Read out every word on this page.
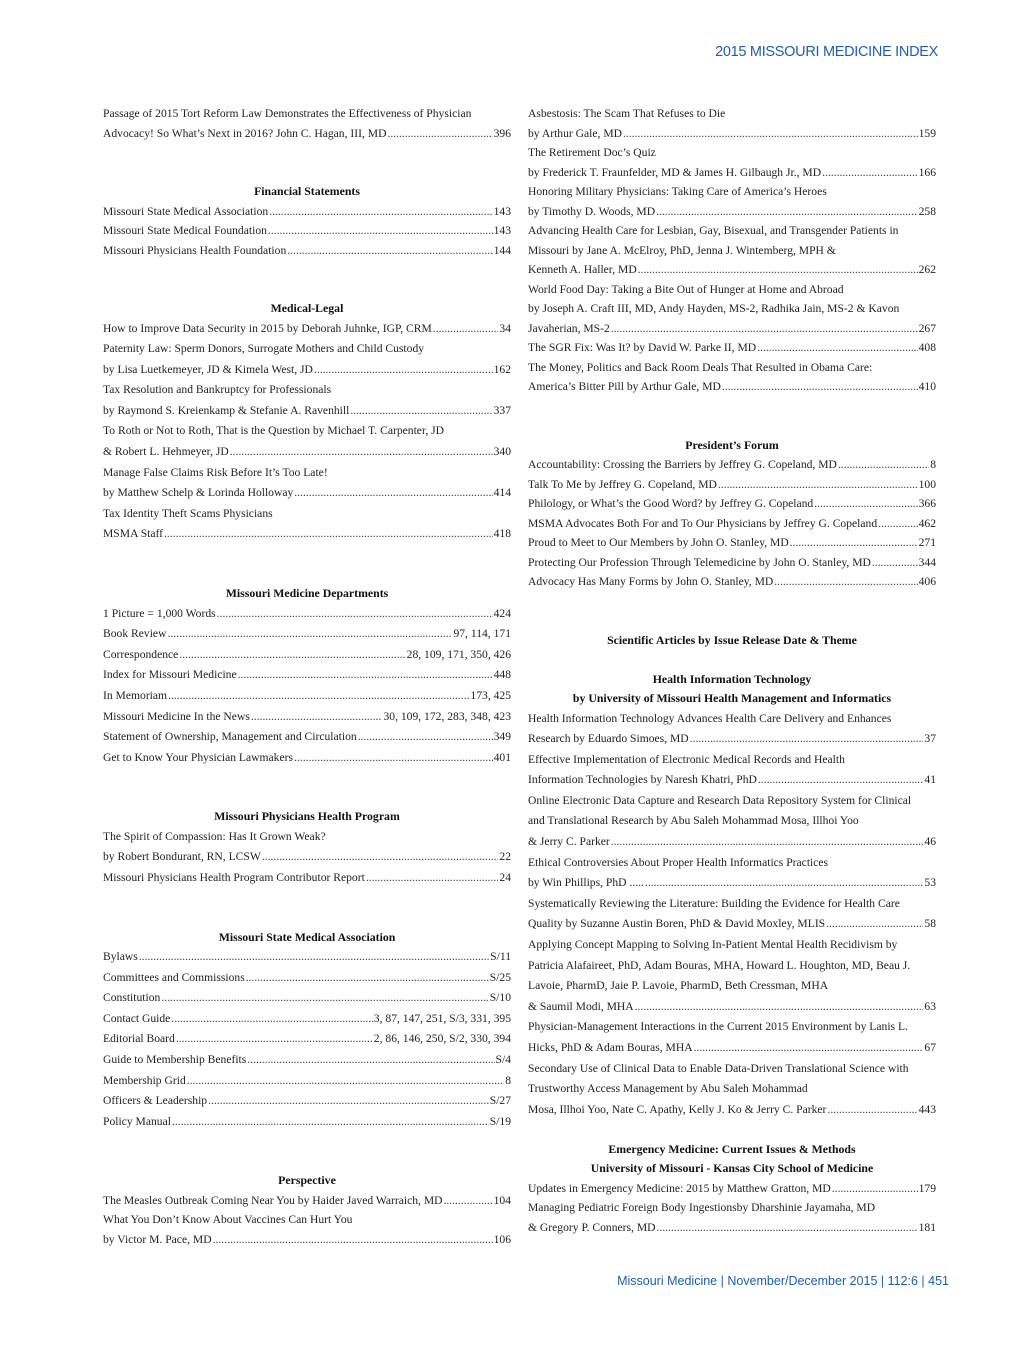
2015 MISSOURI MEDICINE INDEX
Passage of 2015 Tort Reform Law Demonstrates the Effectiveness of Physician
Advocacy! So What’s Next in 2016? John C. Hagan, III, MD .....	396
Financial Statements
Missouri State Medical Association .....	143
Missouri State Medical Foundation .....	143
Missouri Physicians Health Foundation .....	144
Medical-Legal
How to Improve Data Security in 2015 by Deborah Juhnke, IGP, CRM .....	34
Paternity Law: Sperm Donors, Surrogate Mothers and Child Custody
by Lisa Luetkemeyer, JD & Kimela West, JD .....	162
Tax Resolution and Bankruptcy for Professionals
by Raymond S. Kreienkamp & Stefanie A. Ravenhill .....	337
To Roth or Not to Roth, That is the Question by Michael T. Carpenter, JD
& Robert L. Hehmeyer, JD .....	340
Manage False Claims Risk Before It’s Too Late!
by Matthew Schelp & Lorinda Holloway .....	414
Tax Identity Theft Scams Physicians
MSMA Staff .....	418
Missouri Medicine Departments
1 Picture = 1,000 Words .....	424
Book Review .....	97, 114, 171
Correspondence .....	28, 109, 171, 350, 426
Index for Missouri Medicine .....	448
In Memoriam .....	173, 425
Missouri Medicine In the News .....	30, 109, 172, 283, 348, 423
Statement of Ownership, Management and Circulation .....	349
Get to Know Your Physician Lawmakers .....	401
Missouri Physicians Health Program
The Spirit of Compassion: Has It Grown Weak?
by Robert Bondurant, RN, LCSW .....	22
Missouri Physicians Health Program Contributor Report .....	24
Missouri State Medical Association
Bylaws .....	S/11
Committees and Commissions .....	S/25
Constitution .....	S/10
Contact Guide .....	3, 87, 147, 251, S/3, 331, 395
Editorial Board .....	2, 86, 146, 250, S/2, 330, 394
Guide to Membership Benefits .....	S/4
Membership Grid .....	8
Officers & Leadership .....	S/27
Policy Manual .....	S/19
Perspective
The Measles Outbreak Coming Near You by Haider Javed Warraich, MD .....	104
What You Don’t Know About Vaccines Can Hurt You
by Victor M. Pace, MD .....	106
Asbestosis: The Scam That Refuses to Die
by Arthur Gale, MD .....	159
The Retirement Doc’s Quiz
by Frederick T. Fraunfelder, MD & James H. Gilbaugh Jr., MD .....	166
Honoring Military Physicians: Taking Care of America’s Heroes
by Timothy D. Woods, MD .....	258
Advancing Health Care for Lesbian, Gay, Bisexual, and Transgender Patients in
Missouri by Jane A. McElroy, PhD, Jenna J. Wintemberg, MPH &
Kenneth A. Haller, MD .....	262
World Food Day: Taking a Bite Out of Hunger at Home and Abroad
by Joseph A. Craft III, MD, Andy Hayden, MS-2, Radhika Jain, MS-2 & Kavon
Javaherian, MS-2 .....	267
The SGR Fix: Was It? by David W. Parke II, MD .....	408
The Money, Politics and Back Room Deals That Resulted in Obama Care:
America’s Bitter Pill by Arthur Gale, MD .....	410
President’s Forum
Accountability: Crossing the Barriers by Jeffrey G. Copeland, MD .....	8
Talk To Me by Jeffrey G. Copeland, MD .....	100
Philology, or What’s the Good Word? by Jeffrey G. Copeland .....	366
MSMA Advocates Both For and To Our Physicians by Jeffrey G. Copeland .....	462
Proud to Meet to Our Members by John O. Stanley, MD .....	271
Protecting Our Profession Through Telemedicine by John O. Stanley, MD .....	344
Advocacy Has Many Forms by John O. Stanley, MD .....	406
Scientific Articles by Issue Release Date & Theme
Health Information Technology
by University of Missouri Health Management and Informatics
Health Information Technology Advances Health Care Delivery and Enhances
Research by Eduardo Simoes, MD .....	37
Effective Implementation of Electronic Medical Records and Health
Information Technologies by Naresh Khatri, PhD .....	41
Online Electronic Data Capture and Research Data Repository System for Clinical
and Translational Research by Abu Saleh Mohammad Mosa, Illhoi Yoo
& Jerry C. Parker .....	46
Ethical Controversies About Proper Health Informatics Practices
by Win Phillips, PhD ..... .....	53
Systematically Reviewing the Literature: Building the Evidence for Health Care
Quality by Suzanne Austin Boren, PhD & David Moxley, MLIS .....	58
Applying Concept Mapping to Solving In-Patient Mental Health Recidivism by
Patricia Alafaireet, PhD, Adam Bouras, MHA, Howard L. Houghton, MD, Beau J.
Lavoie, PharmD, Jaie P. Lavoie, PharmD, Beth Cressman, MHA
& Saumil Modi, MHA .....	63
Physician-Management Interactions in the Current 2015 Environment by Lanis L.
Hicks, PhD & Adam Bouras, MHA .....	67
Secondary Use of Clinical Data to Enable Data-Driven Translational Science with
Trustworthy Access Management by Abu Saleh Mohammad
Mosa, Illhoi Yoo, Nate C. Apathy, Kelly J. Ko & Jerry C. Parker .....	443
Emergency Medicine: Current Issues & Methods
University of Missouri - Kansas City School of Medicine
Updates in Emergency Medicine: 2015 by Matthew Gratton, MD .....	179
Managing Pediatric Foreign Body Ingestionsby Dharshinie Jayamaha, MD
& Gregory P. Conners, MD .....	181
Missouri Medicine | November/December 2015 | 112:6 | 451
